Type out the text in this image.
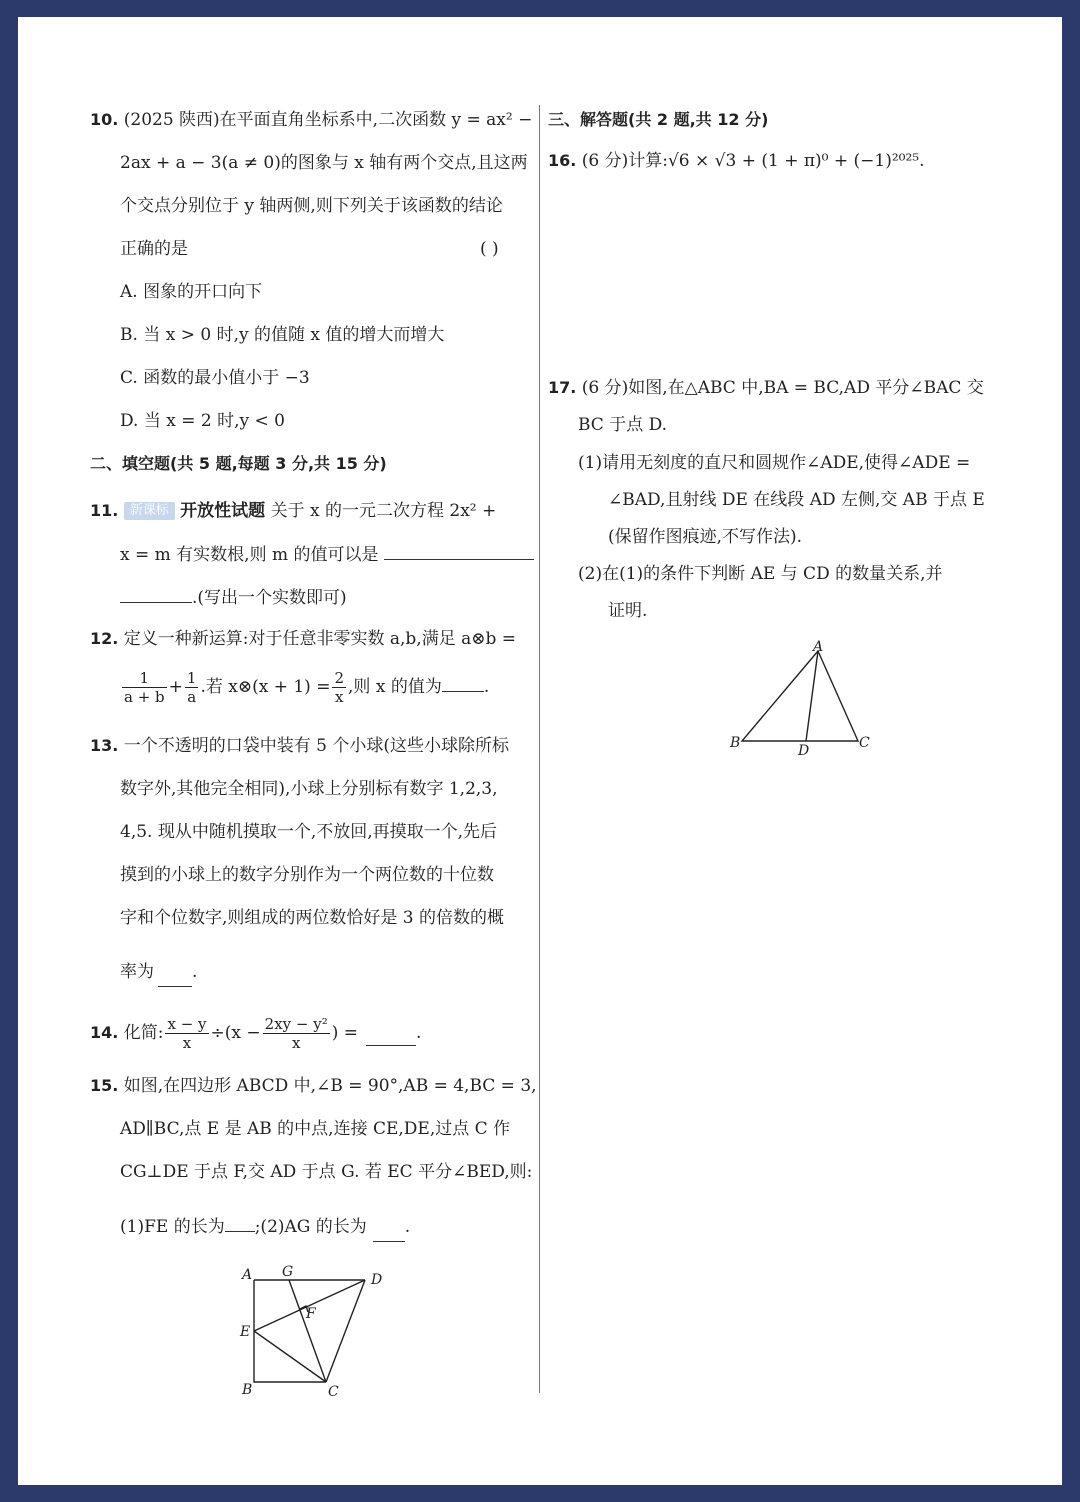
10. (2025 陕西)在平面直角坐标系中,二次函数 y = ax² −
2ax + a − 3(a ≠ 0)的图象与 x 轴有两个交点,且这两
个交点分别位于 y 轴两侧,则下列关于该函数的结论
正确的是	( )
A. 图象的开口向下
B. 当 x > 0 时,y 的值随 x 值的增大而增大
C. 函数的最小值小于 −3
D. 当 x = 2 时,y < 0
二、填空题(共 5 题,每题 3 分,共 15 分)
11. 新课标 开放性试题 关于 x 的一元二次方程 2x² +
x = m 有实数根,则 m 的值可以是
.(写出一个实数即可)
12. 定义一种新运算:对于任意非零实数 a,b,满足 a⊗b =
$\frac{1}{a + b} + \frac{1}{a}$ .若 x⊗(x + $1) = \frac{2}{x}$ ,则 x 的值为 .
13. 一个不透明的口袋中装有 5 个小球(这些小球除所标
数字外,其他完全相同),小球上分别标有数字 1,2,3,
4,5. 现从中随机摸取一个,不放回,再摸取一个,先后
摸到的小球上的数字分别作为一个两位数的十位数
字和个位数字,则组成的两位数恰好是 3 的倍数的概
率为 .
14. 化简: $\frac{x - y}{x} \div(x - \frac{\text{2xy − y²}}{x}$ ) =	.
15. 如图,在四边形 ABCD 中,∠B = 90°,AB = 4,BC = 3,
AD∥BC,点 E 是 AB 的中点,连接 CE,DE,过点 C 作
CG⊥DE 于点 F,交 AD 于点 G. 若 EC 平分∠BED,则:
(1)FE 的长为 ;(2)AG 的长为 .
A G	D
E
F
B	C
三、解答题(共 2 题,共 12 分)
16. (6 分)计算:√6 × √3 + (1 + π)⁰ + (−1)²⁰²⁵.
17. (6 分)如图,在△ABC 中,BA = BC,AD 平分∠BAC 交
BC 于点 D.
(1)请用无刻度的直尺和圆规作∠ADE,使得∠ADE =
∠BAD,且射线 DE 在线段 AD 左侧,交 AB 于点 E
(保留作图痕迹,不写作法).
(2)在(1)的条件下判断 AE 与 CD 的数量关系,并
证明.
A
B	C
D
